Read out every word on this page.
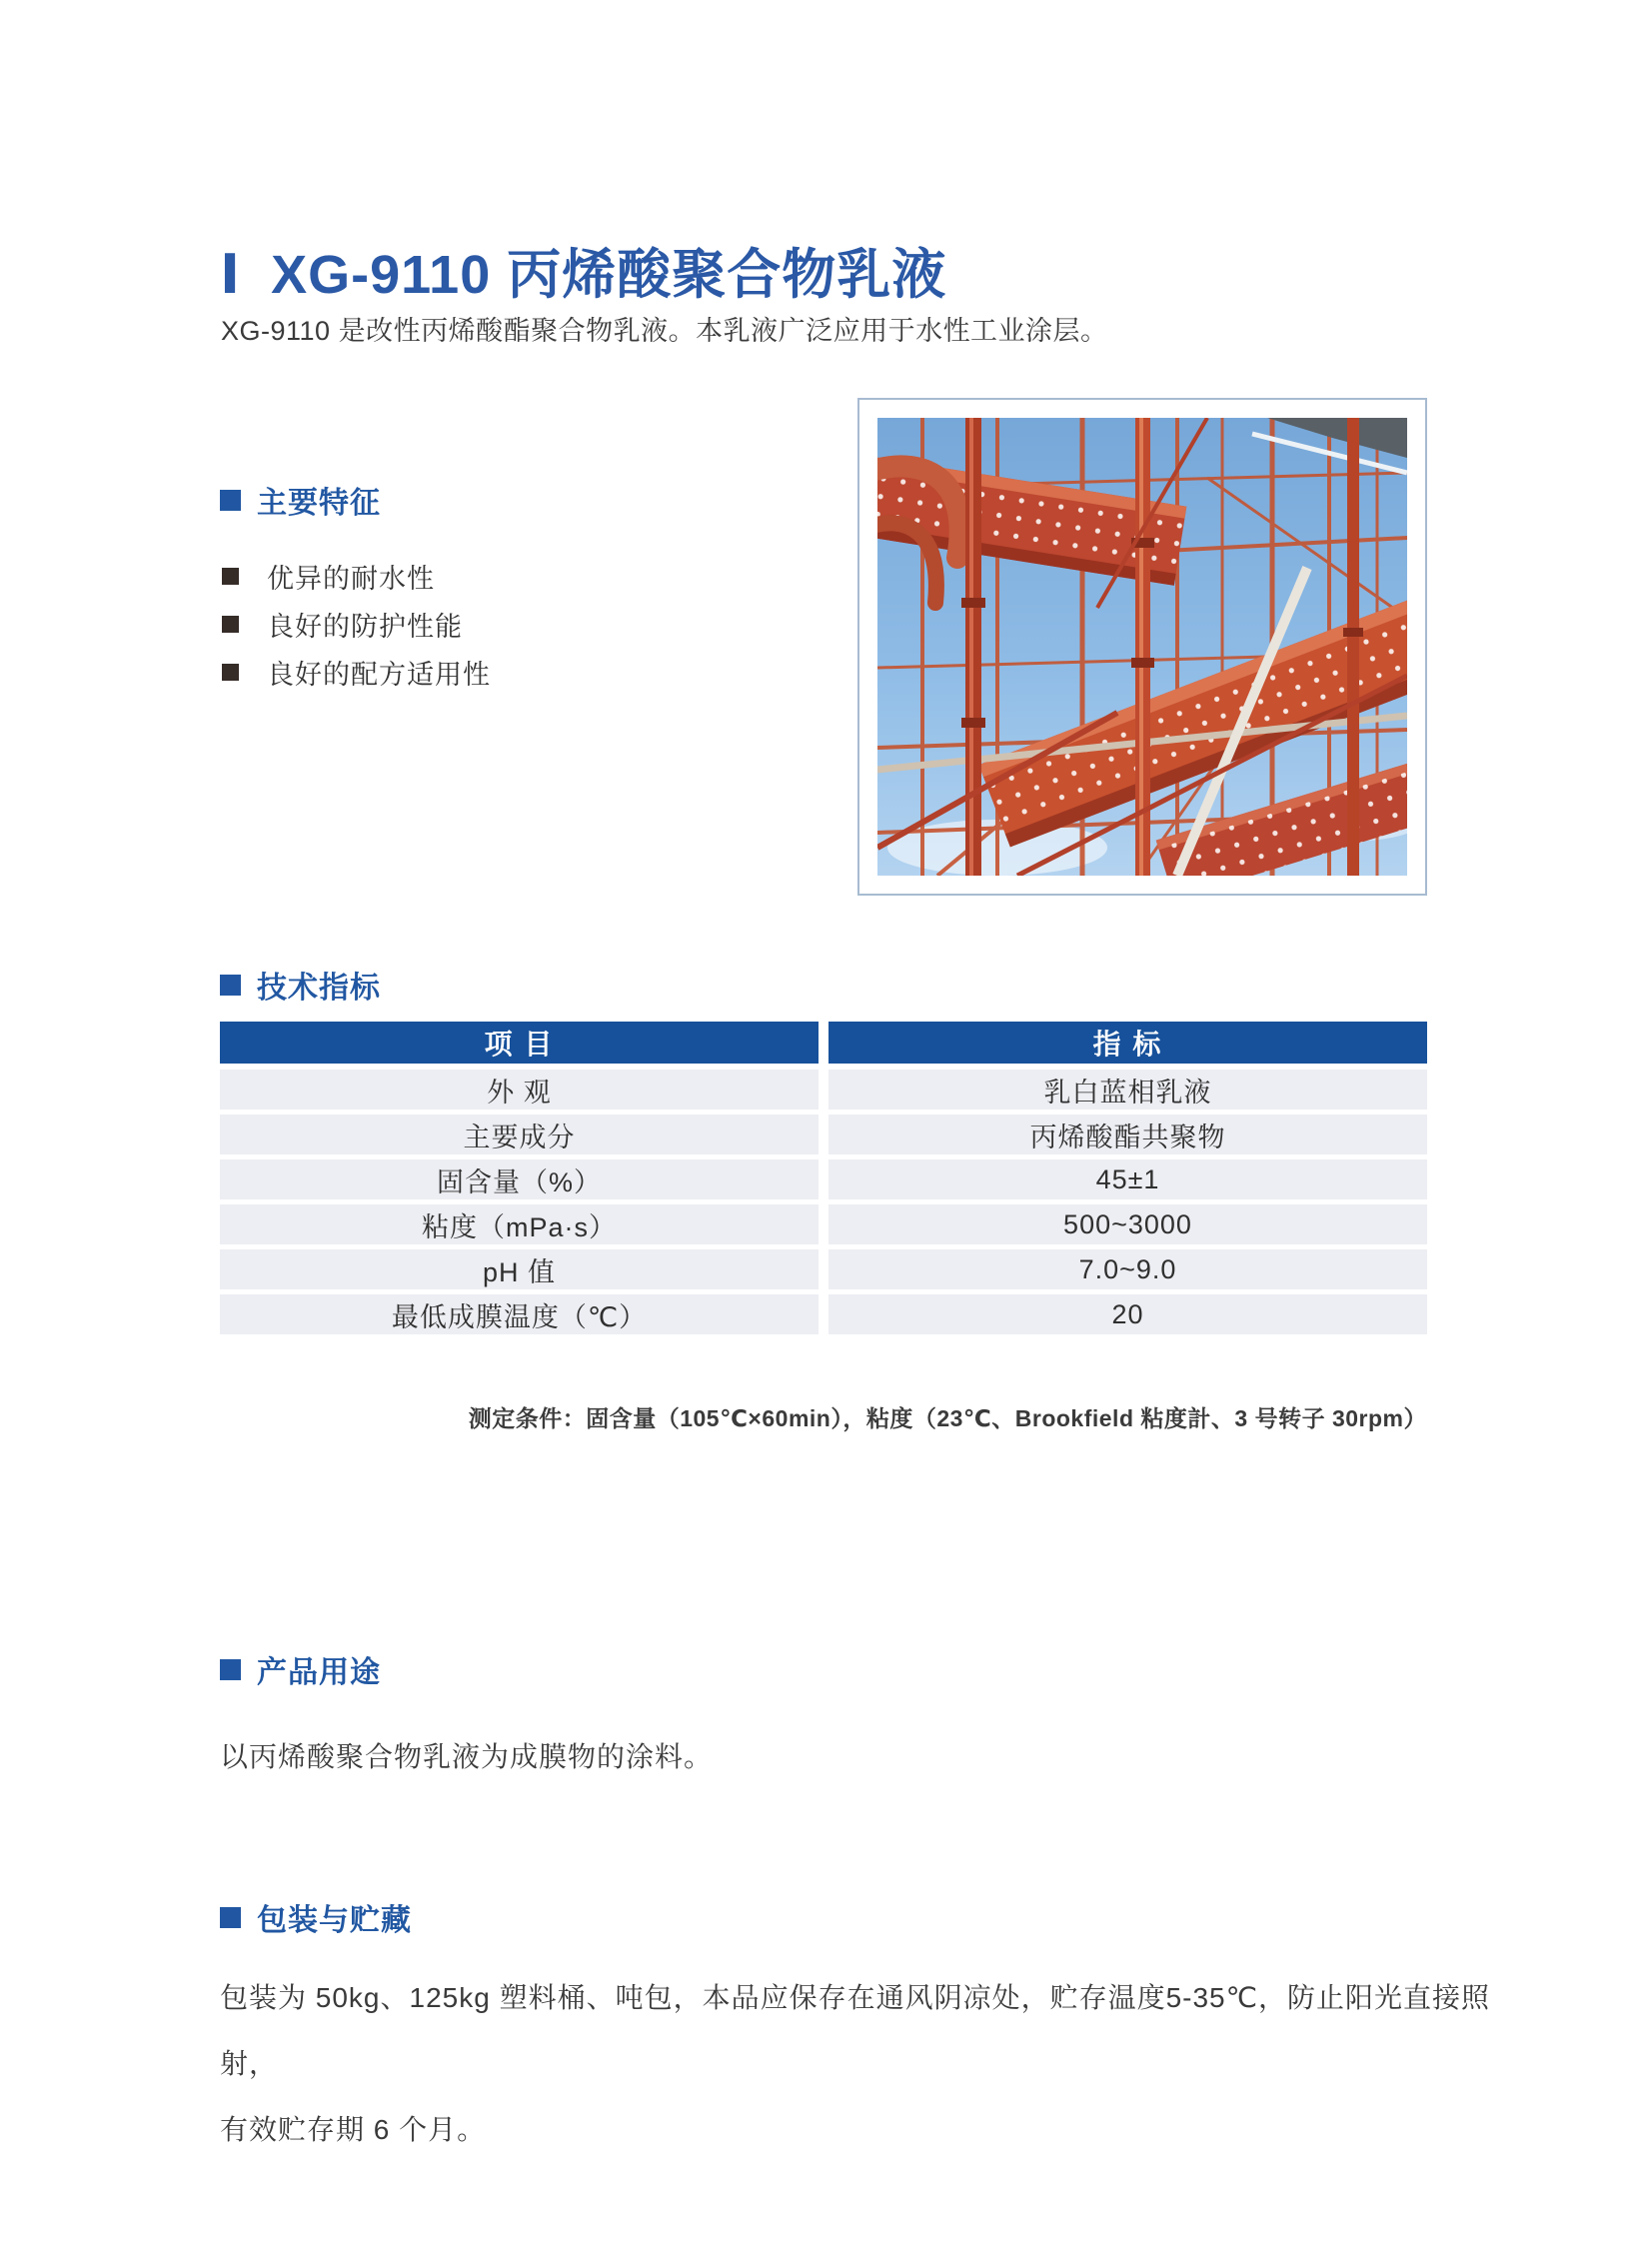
Ⅰ XG-9110 丙烯酸聚合物乳液

XG-9110 是改性丙烯酸酯聚合物乳液。本乳液广泛应用于水性工业涂层。

主要特征
优异的耐水性
良好的防护性能
良好的配方适用性
技术指标
项 目	指 标
外 观	乳白蓝相乳液
主要成分	丙烯酸酯共聚物
固含量（%）	45±1
粘度（mPa·s）	500~3000
pH 值	7.0~9.0
最低成膜温度（℃）	20

测定条件：固含量（105℃×60min），粘度（23℃、Brookfield 粘度計、3 号转子 30rpm）

产品用途

以丙烯酸聚合物乳液为成膜物的涂料。

包装与贮藏

包装为 50kg、125kg 塑料桶、吨包，本品应保存在通风阴凉处，贮存温度5-35℃，防止阳光直接照射，
有效贮存期 6 个月。
